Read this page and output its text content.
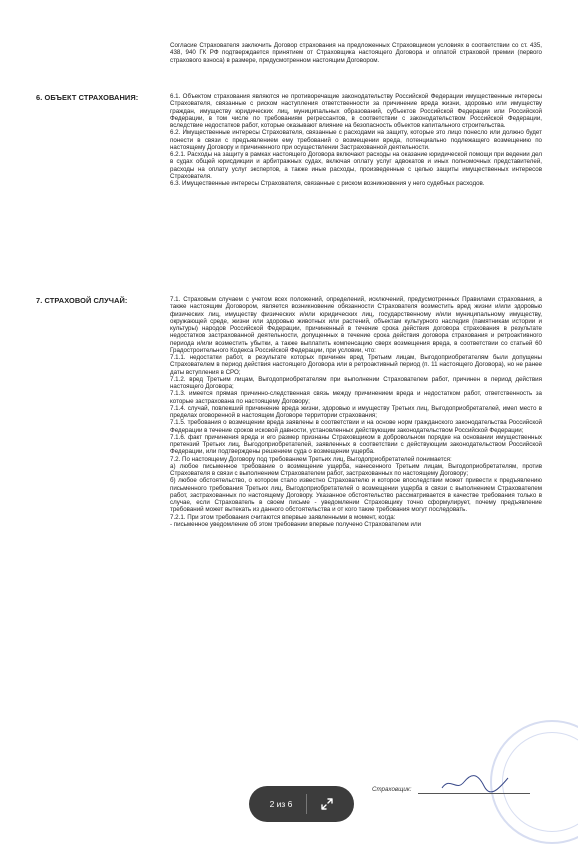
Согласие Страхователя заключить Договор страхования на предложенных Страховщиком условиях в соответствии со ст. 435, 438, 940 ГК РФ подтверждается принятием от Страховщика настоящего Договора и оплатой страховой премии (первого страхового взноса) в размере, предусмотренном настоящим Договором.

6. ОБЪЕКТ СТРАХОВАНИЯ:	6.1. Объектом страхования являются не противоречащие законодательству Российской Федерации имущественные интересы Страхователя, связанные с риском наступления ответственности за причинение вреда жизни, здоровью или имуществу граждан, имуществу юридических лиц, муниципальных образований, субъектов Российской Федерации или Российской Федерации, в том числе по требованиям регрессантов, в соответствии с законодательством Российской Федерации, вследствие недостатков работ, которые оказывают влияние на безопасность объектов капитального строительства.

6.2. Имущественные интересы Страхователя, связанные с расходами на защиту, которые это лицо понесло или должно будет понести в связи с предъявлением ему требований о возмещении вреда, потенциально подлежащего возмещению по настоящему Договору и причиненного при осуществлении Застрахованной деятельности.

6.2.1. Расходы на защиту в рамках настоящего Договора включают расходы на оказание юридической помощи при ведении дел в судах общей юрисдикции и арбитражных судах, включая оплату услуг адвокатов и иных полномочных представителей, расходы на оплату услуг экспертов, а также иные расходы, произведенные с целью защиты имущественных интересов Страхователя.

6.3. Имущественные интересы Страхователя, связанные с риском возникновения у него судебных расходов.

7. СТРАХОВОЙ СЛУЧАЙ:	7.1. Страховым случаем с учетом всех положений, определений, исключений, предусмотренных Правилами страхования, а также настоящим Договором, является возникновение обязанности Страхователя возместить вред жизни и/или здоровью физических лиц, имуществу физических и/или юридических лиц, государственному и/или муниципальному имуществу, окружающей среде, жизни или здоровью животных или растений, объектам культурного наследия (памятникам истории и культуры) народов Российской Федерации, причиненный в течение срока действия договора страхования в результате недостатков застрахованной деятельности, допущенных в течение срока действия договора страхования и ретроактивного периода и/или возместить убытки, а также выплатить компенсацию сверх возмещения вреда, в соответствии со статьей 60 Градостроительного Кодекса Российской Федерации, при условии, что:

7.1.1. недостатки работ, в результате которых причинен вред Третьим лицам, Выгодоприобретателям были допущены Страхователем в период действия настоящего Договора или в ретроактивный период (п. 11 настоящего Договора), но не ранее даты вступления в СРО;

7.1.2. вред Третьим лицам, Выгодоприобретателям при выполнении Страхователем работ, причинен в период действия настоящего Договора;

7.1.3. имеется прямая причинно-следственная связь между причинением вреда и недостатком работ, ответственность за которые застрахована по настоящему Договору;

7.1.4. случай, повлекший причинение вреда жизни, здоровью и имуществу Третьих лиц, Выгодоприобретателей, имел место в пределах оговоренной в настоящем Договоре территории страхования;

7.1.5. требования о возмещении вреда заявлены в соответствии и на основе норм гражданского законодательства Российской Федерации в течение сроков исковой давности, установленных действующим законодательством Российской Федерации;

7.1.6. факт причинения вреда и его размер признаны Страховщиком в добровольном порядке на основании имущественных претензий Третьих лиц, Выгодоприобретателей, заявленных в соответствии с действующим законодательством Российской Федерации, или подтверждены решением суда о возмещении ущерба.

7.2. По настоящему Договору под требованием Третьих лиц, Выгодоприобретателей понимается:

а) любое письменное требование о возмещение ущерба, нанесенного Третьим лицам, Выгодоприобретателям, против Страхователя в связи с выполнением Страхователем работ, застрахованных по настоящему Договору;

б) любое обстоятельство, о котором стало известно Страхователю и которое впоследствии может привести к предъявлению письменного требования Третьих лиц, Выгодоприобретателей о возмещении ущерба в связи с выполнением Страхователем работ, застрахованных по настоящему Договору. Указанное обстоятельство рассматривается в качестве требования только в случае, если Страхователь в своем письме - уведомлении Страховщику точно сформулирует, почему предъявление требований может вытекать из данного обстоятельства и от кого такие требования могут последовать.

7.2.1. При этом требования считаются впервые заявленными в момент, когда:

- письменное уведомление об этом требовании впервые получено Страхователем или

Страховщик:
2 из 6
